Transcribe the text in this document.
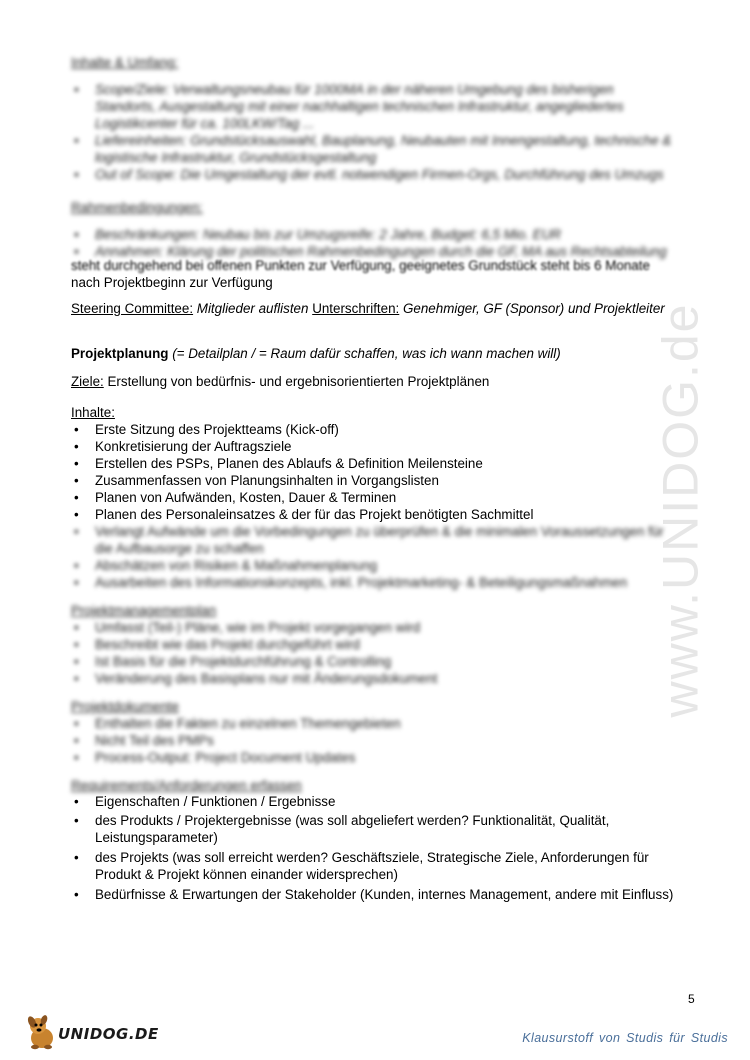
www.UNIDOG.de
Inhalte & Umfang:
• Scope/Ziele: Verwaltungsneubau für 1000MA in der näheren Umgebung des bisherigen
Standorts, Ausgestaltung mit einer nachhaltigen technischen Infrastruktur, angegliedertes
Logistikcenter für ca. 100LKW/Tag ...
• Liefereinheiten: Grundstücksauswahl, Bauplanung, Neubauten mit Innengestaltung, technische &
logistische Infrastruktur, Grundstücksgestaltung
• Out of Scope: Die Umgestaltung der evtl. notwendigen Firmen-Orgs, Durchführung des Umzugs
Rahmenbedingungen:
• Beschränkungen: Neubau bis zur Umzugsreife: 2 Jahre, Budget: 6,5 Mio. EUR
• Annahmen: Klärung der politischen Rahmenbedingungen durch die GF, MA aus Rechtsabteilung
steht durchgehend bei offenen Punkten zur Verfügung, geeignetes Grundstück steht bis 6 Monate
nach Projektbeginn zur Verfügung
Steering Committee: Mitglieder auflisten Unterschriften: Genehmiger, GF (Sponsor) und Projektleiter
Projektplanung (= Detailplan / = Raum dafür schaffen, was ich wann machen will)
Ziele: Erstellung von bedürfnis- und ergebnisorientierten Projektplänen
Inhalte:
• Erste Sitzung des Projektteams (Kick-off)
• Konkretisierung der Auftragsziele
• Erstellen des PSPs, Planen des Ablaufs & Definition Meilensteine
• Zusammenfassen von Planungsinhalten in Vorgangslisten
• Planen von Aufwänden, Kosten, Dauer & Terminen
• Planen des Personaleinsatzes & der für das Projekt benötigten Sachmittel
• Verlangt Aufwände um die Vorbedingungen zu überprüfen & die minimalen Voraussetzungen für
die Aufbausorge zu schaffen
• Abschätzen von Risiken & Maßnahmenplanung
• Ausarbeiten des Informationskonzepts, inkl. Projektmarketing- & Beteiligungsmaßnahmen
Projektmanagementplan
• Umfasst (Teil-) Pläne, wie im Projekt vorgegangen wird
• Beschreibt wie das Projekt durchgeführt wird
• Ist Basis für die Projektdurchführung & Controlling
• Veränderung des Basisplans nur mit Änderungsdokument
Projektdokumente
• Enthalten die Fakten zu einzelnen Themengebieten
• Nicht Teil des PMPs
• Process-Output: Project Document Updates
Requirements/Anforderungen erfassen
• Eigenschaften / Funktionen / Ergebnisse
• des Produkts / Projektergebnisse (was soll abgeliefert werden? Funktionalität, Qualität,
Leistungsparameter)
• des Projekts (was soll erreicht werden? Geschäftsziele, Strategische Ziele, Anforderungen für
Produkt & Projekt können einander widersprechen)
• Bedürfnisse & Erwartungen der Stakeholder (Kunden, internes Management, andere mit Einfluss)
5
UNIDOG.DE	Klausurstoff von Studis für Studis
